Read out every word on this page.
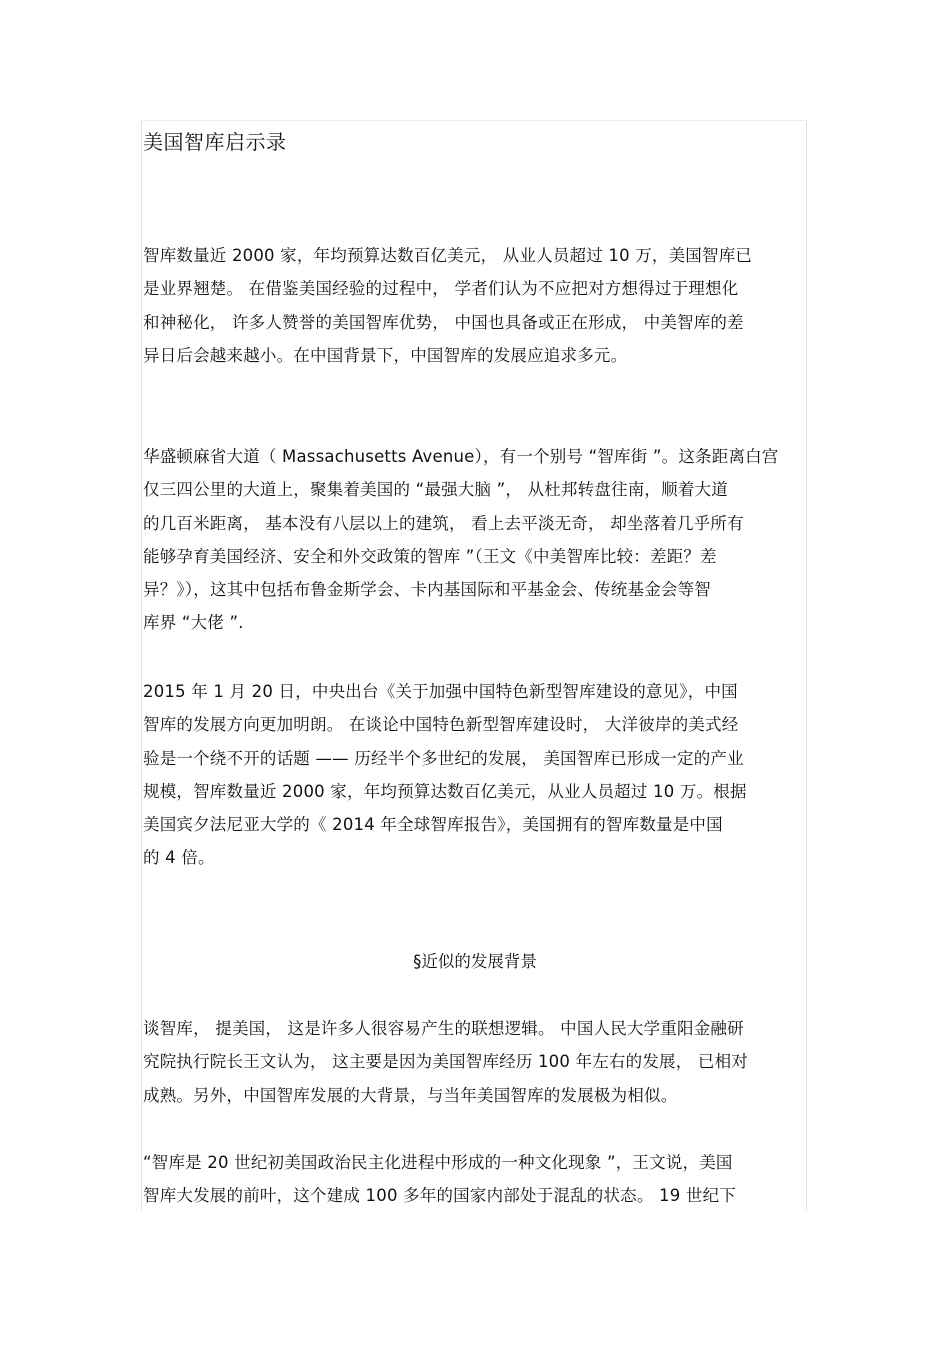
美国智库启示录
智库数量近 2000 家，年均预算达数百亿美元， 从业人员超过 10 万，美国智库已
是业界翘楚。 在借鉴美国经验的过程中， 学者们认为不应把对方想得过于理想化
和神秘化， 许多人赞誉的美国智库优势， 中国也具备或正在形成， 中美智库的差
异日后会越来越小。在中国背景下，中国智库的发展应追求多元。
华盛顿麻省大道（ Massachusetts Avenue），有一个别号 “智库街 ”。这条距离白宫
仅三四公里的大道上，聚集着美国的 “最强大脑 ”， 从杜邦转盘往南，顺着大道
的几百米距离， 基本没有八层以上的建筑， 看上去平淡无奇， 却坐落着几乎所有
能够孕育美国经济、安全和外交政策的智库 ”（王文《中美智库比较：差距？差
异？》），这其中包括布鲁金斯学会、卡内基国际和平基金会、传统基金会等智
库界 “大佬 ”.
2015 年 1 月 20 日，中央出台《关于加强中国特色新型智库建设的意见》，中国
智库的发展方向更加明朗。 在谈论中国特色新型智库建设时， 大洋彼岸的美式经
验是一个绕不开的话题 —— 历经半个多世纪的发展， 美国智库已形成一定的产业
规模，智库数量近 2000 家，年均预算达数百亿美元，从业人员超过 10 万。根据
美国宾夕法尼亚大学的《 2014 年全球智库报告》，美国拥有的智库数量是中国
的 4 倍。
§近似的发展背景
谈智库， 提美国， 这是许多人很容易产生的联想逻辑。 中国人民大学重阳金融研
究院执行院长王文认为， 这主要是因为美国智库经历 100 年左右的发展， 已相对
成熟。另外，中国智库发展的大背景，与当年美国智库的发展极为相似。
“智库是 20 世纪初美国政治民主化进程中形成的一种文化现象 ”，王文说，美国
智库大发展的前叶，这个建成 100 多年的国家内部处于混乱的状态。 19 世纪下
